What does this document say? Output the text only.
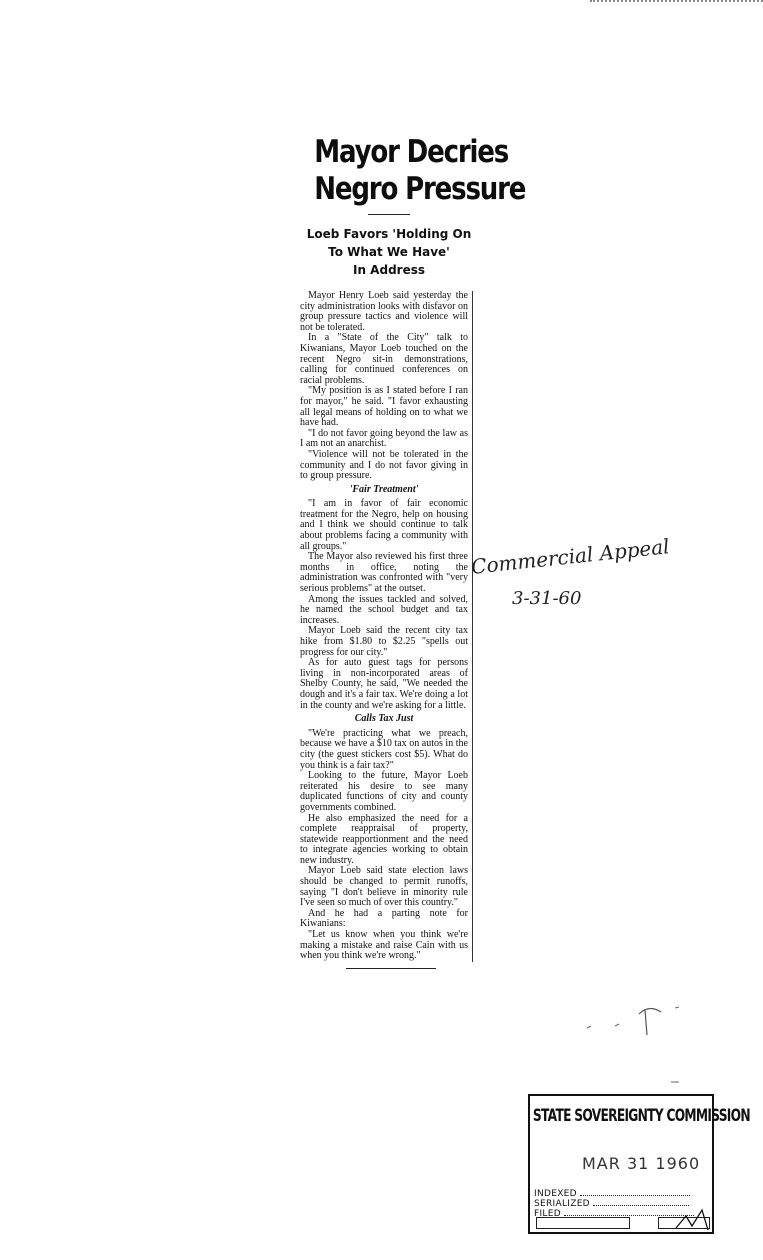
Mayor Decries
Negro Pressure
Loeb Favors 'Holding On
To What We Have'
In Address

Mayor Henry Loeb said yesterday the city administration looks with disfavor on group pressure tactics and violence will not be tolerated.

In a "State of the City" talk to Kiwanians, Mayor Loeb touched on the recent Negro sit-in demonstrations, calling for continued conferences on racial problems.

"My position is as I stated before I ran for mayor," he said. "I favor exhausting all legal means of holding on to what we have had.

"I do not favor going beyond the law as I am not an anarchist.

"Violence will not be tolerated in the community and I do not favor giving in to group pressure.

'Fair Treatment'

"I am in favor of fair economic treatment for the Negro, help on housing and I think we should continue to talk about problems facing a community with all groups."

The Mayor also reviewed his first three months in office, noting the administration was confronted with "very serious problems" at the outset.

Among the issues tackled and solved, he named the school budget and tax increases.

Mayor Loeb said the recent city tax hike from $1.80 to $2.25 "spells out progress for our city."

As for auto guest tags for persons living in non-incorporated areas of Shelby County, he said, "We needed the dough and it's a fair tax. We're doing a lot in the county and we're asking for a little.

Calls Tax Just

"We're practicing what we preach, because we have a $10 tax on autos in the city (the guest stickers cost $5). What do you think is a fair tax?"

Looking to the future, Mayor Loeb reiterated his desire to see many duplicated functions of city and county governments combined.

He also emphasized the need for a complete reappraisal of property, statewide reapportionment and the need to integrate agencies working to obtain new industry.

Mayor Loeb said state election laws should be changed to permit runoffs, saying "I don't believe in minority rule I've seen so much of over this country."

And he had a parting note for Kiwanians:

"Let us know when you think we're making a mistake and raise Cain with us when you think we're wrong."

Commercial Appeal
3-31-60
STATE SOVEREIGNTY COMMISSION
MAR 31 1960
INDEXED
SERIALIZED
FILED
